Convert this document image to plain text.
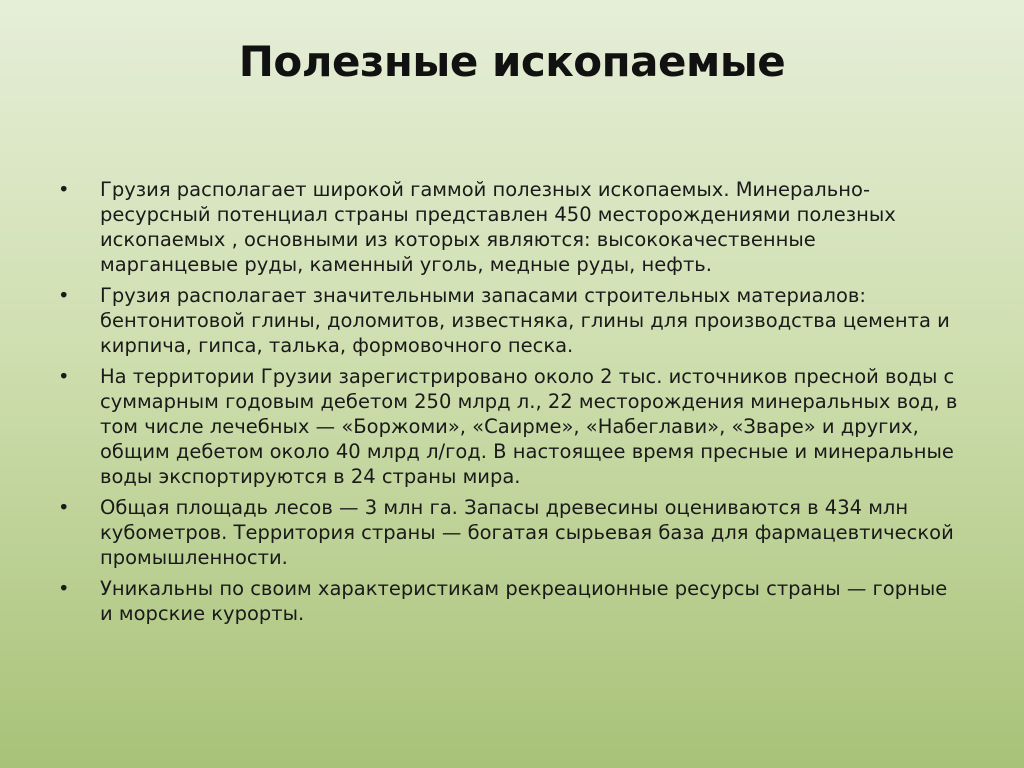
Полезные ископаемые
•	Грузия располагает широкой гаммой полезных ископаемых. Минерально-ресурсный потенциал страны представлен 450 месторождениями полезных ископаемых , основными из которых являются: высококачественные марганцевые руды, каменный уголь, медные руды, нефть.
•	Грузия располагает значительными запасами строительных материалов: бентонитовой глины, доломитов, известняка, глины для производства цемента и кирпича, гипса, талька, формовочного песка.
•	На территории Грузии зарегистрировано около 2 тыс. источников пресной воды с суммарным годовым дебетом 250 млрд л., 22 месторождения минеральных вод, в том числе лечебных — «Боржоми», «Саирме», «Набеглави», «Зваре» и других, общим дебетом около 40 млрд л/год. В настоящее время пресные и минеральные воды экспортируются в 24 страны мира.
•	Общая площадь лесов — 3 млн га. Запасы древесины оцениваются в 434 млн кубометров. Территория страны — богатая сырьевая база для фармацевтической промышленности.
•	Уникальны по своим характеристикам рекреационные ресурсы страны — горные и морские курорты.
